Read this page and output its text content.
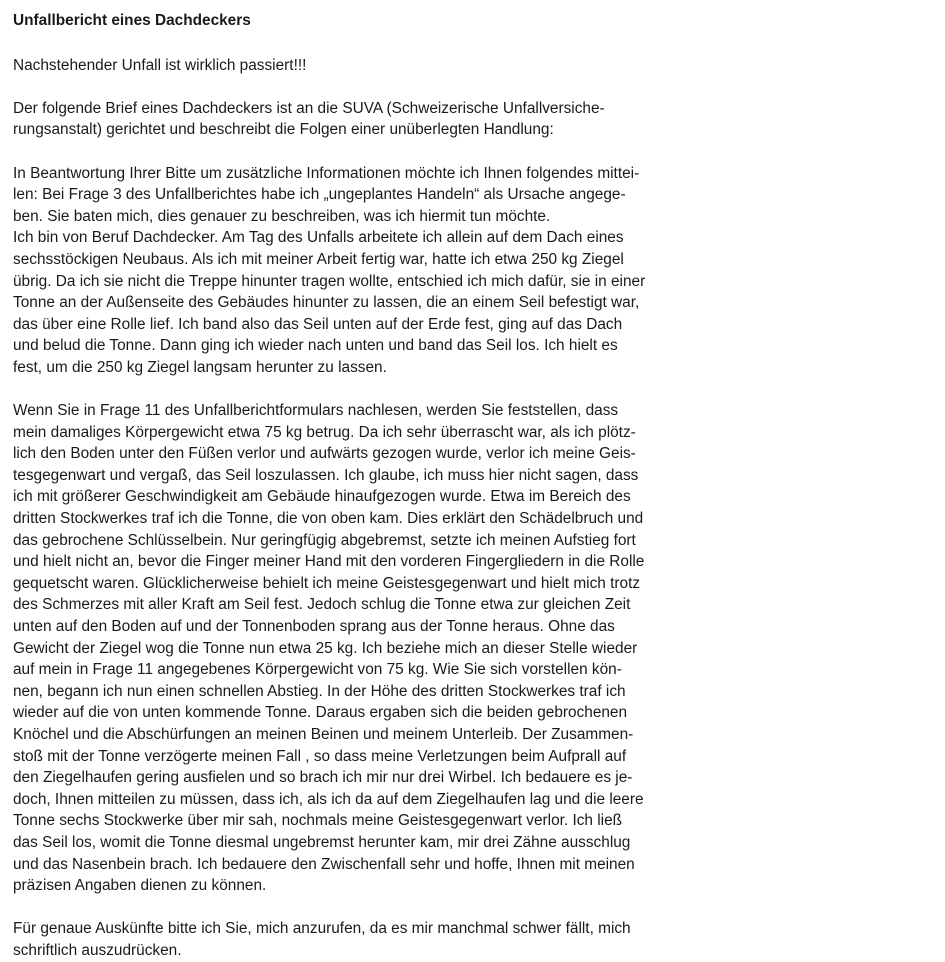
Unfallbericht eines Dachdeckers
Nachstehender Unfall ist wirklich passiert!!!
Der folgende Brief eines Dachdeckers ist an die SUVA (Schweizerische Unfallversiche-
rungsanstalt) gerichtet und beschreibt die Folgen einer unüberlegten Handlung:
In Beantwortung Ihrer Bitte um zusätzliche Informationen möchte ich Ihnen folgendes mittei-
len: Bei Frage 3 des Unfallberichtes habe ich „ungeplantes Handeln“ als Ursache angege-
ben. Sie baten mich, dies genauer zu beschreiben, was ich hiermit tun möchte.
Ich bin von Beruf Dachdecker. Am Tag des Unfalls arbeitete ich allein auf dem Dach eines
sechsstöckigen Neubaus. Als ich mit meiner Arbeit fertig war, hatte ich etwa 250 kg Ziegel
übrig. Da ich sie nicht die Treppe hinunter tragen wollte, entschied ich mich dafür, sie in einer
Tonne an der Außenseite des Gebäudes hinunter zu lassen, die an einem Seil befestigt war,
das über eine Rolle lief. Ich band also das Seil unten auf der Erde fest, ging auf das Dach
und belud die Tonne. Dann ging ich wieder nach unten und band das Seil los. Ich hielt es
fest, um die 250 kg Ziegel langsam herunter zu lassen.
Wenn Sie in Frage 11 des Unfallberichtformulars nachlesen, werden Sie feststellen, dass
mein damaliges Körpergewicht etwa 75 kg betrug. Da ich sehr überrascht war, als ich plötz-
lich den Boden unter den Füßen verlor und aufwärts gezogen wurde, verlor ich meine Geis-
tesgegenwart und vergaß, das Seil loszulassen. Ich glaube, ich muss hier nicht sagen, dass
ich mit größerer Geschwindigkeit am Gebäude hinaufgezogen wurde. Etwa im Bereich des
dritten Stockwerkes traf ich die Tonne, die von oben kam. Dies erklärt den Schädelbruch und
das gebrochene Schlüsselbein. Nur geringfügig abgebremst, setzte ich meinen Aufstieg fort
und hielt nicht an, bevor die Finger meiner Hand mit den vorderen Fingergliedern in die Rolle
gequetscht waren. Glücklicherweise behielt ich meine Geistesgegenwart und hielt mich trotz
des Schmerzes mit aller Kraft am Seil fest. Jedoch schlug die Tonne etwa zur gleichen Zeit
unten auf den Boden auf und der Tonnenboden sprang aus der Tonne heraus. Ohne das
Gewicht der Ziegel wog die Tonne nun etwa 25 kg. Ich beziehe mich an dieser Stelle wieder
auf mein in Frage 11 angegebenes Körpergewicht von 75 kg. Wie Sie sich vorstellen kön-
nen, begann ich nun einen schnellen Abstieg. In der Höhe des dritten Stockwerkes traf ich
wieder auf die von unten kommende Tonne. Daraus ergaben sich die beiden gebrochenen
Knöchel und die Abschürfungen an meinen Beinen und meinem Unterleib. Der Zusammen-
stoß mit der Tonne verzögerte meinen Fall , so dass meine Verletzungen beim Aufprall auf
den Ziegelhaufen gering ausfielen und so brach ich mir nur drei Wirbel. Ich bedauere es je-
doch, Ihnen mitteilen zu müssen, dass ich, als ich da auf dem Ziegelhaufen lag und die leere
Tonne sechs Stockwerke über mir sah, nochmals meine Geistesgegenwart verlor. Ich ließ
das Seil los, womit die Tonne diesmal ungebremst herunter kam, mir drei Zähne ausschlug
und das Nasenbein brach. Ich bedauere den Zwischenfall sehr und hoffe, Ihnen mit meinen
präzisen Angaben dienen zu können.
Für genaue Auskünfte bitte ich Sie, mich anzurufen, da es mir manchmal schwer fällt, mich
schriftlich auszudrücken.
